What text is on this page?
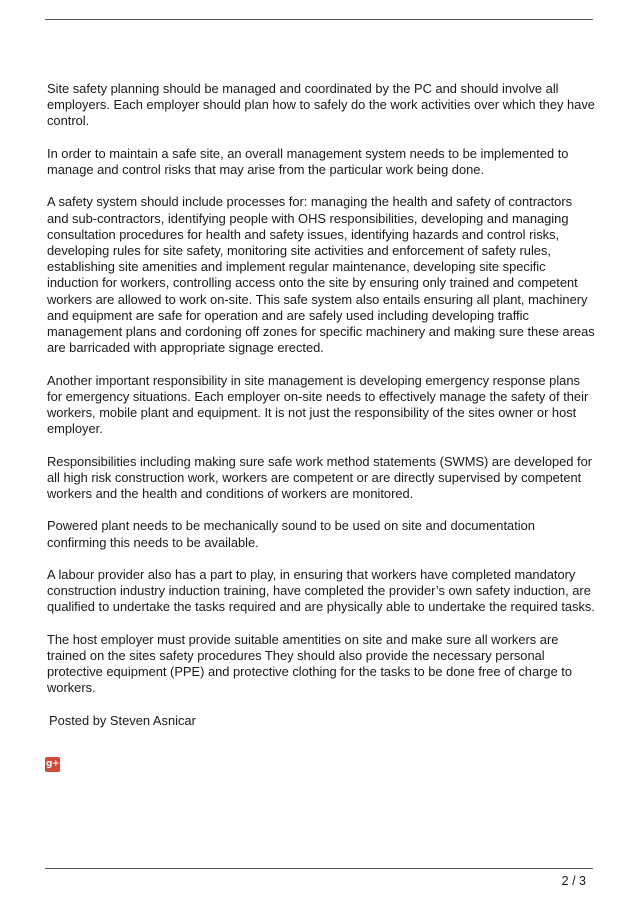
Site safety planning should be managed and coordinated by the PC and should involve all employers. Each employer should plan how to safely do the work activities over which they have control.

In order to maintain a safe site, an overall management system needs to be implemented to manage and control risks that may arise from the particular work being done.

A safety system should include processes for: managing the health and safety of contractors and sub-contractors, identifying people with OHS responsibilities, developing and managing consultation procedures for health and safety issues, identifying hazards and control risks, developing rules for site safety, monitoring site activities and enforcement of safety rules, establishing site amenities and implement regular maintenance, developing site specific induction for workers, controlling access onto the site by ensuring only trained and competent workers are allowed to work on-site. This safe system also entails ensuring all plant, machinery and equipment are safe for operation and are safely used including developing traffic management plans and cordoning off zones for specific machinery and making sure these areas are barricaded with appropriate signage erected.

Another important responsibility in site management is developing emergency response plans for emergency situations. Each employer on-site needs to effectively manage the safety of their workers, mobile plant and equipment. It is not just the responsibility of the sites owner or host employer.

Responsibilities including making sure safe work method statements (SWMS) are developed for all high risk construction work, workers are competent or are directly supervised by competent workers and the health and conditions of workers are monitored.

Powered plant needs to be mechanically sound to be used on site and documentation confirming this needs to be available.

A labour provider also has a part to play, in ensuring that workers have completed mandatory construction industry induction training, have completed the provider’s own safety induction, are qualified to undertake the tasks required and are physically able to undertake the required tasks.

The host employer must provide suitable amentities on site and make sure all workers are trained on the sites safety procedures They should also provide the necessary personal protective equipment (PPE) and protective clothing for the tasks to be done free of charge to workers.

Posted by Steven Asnicar

g+
2 / 3
